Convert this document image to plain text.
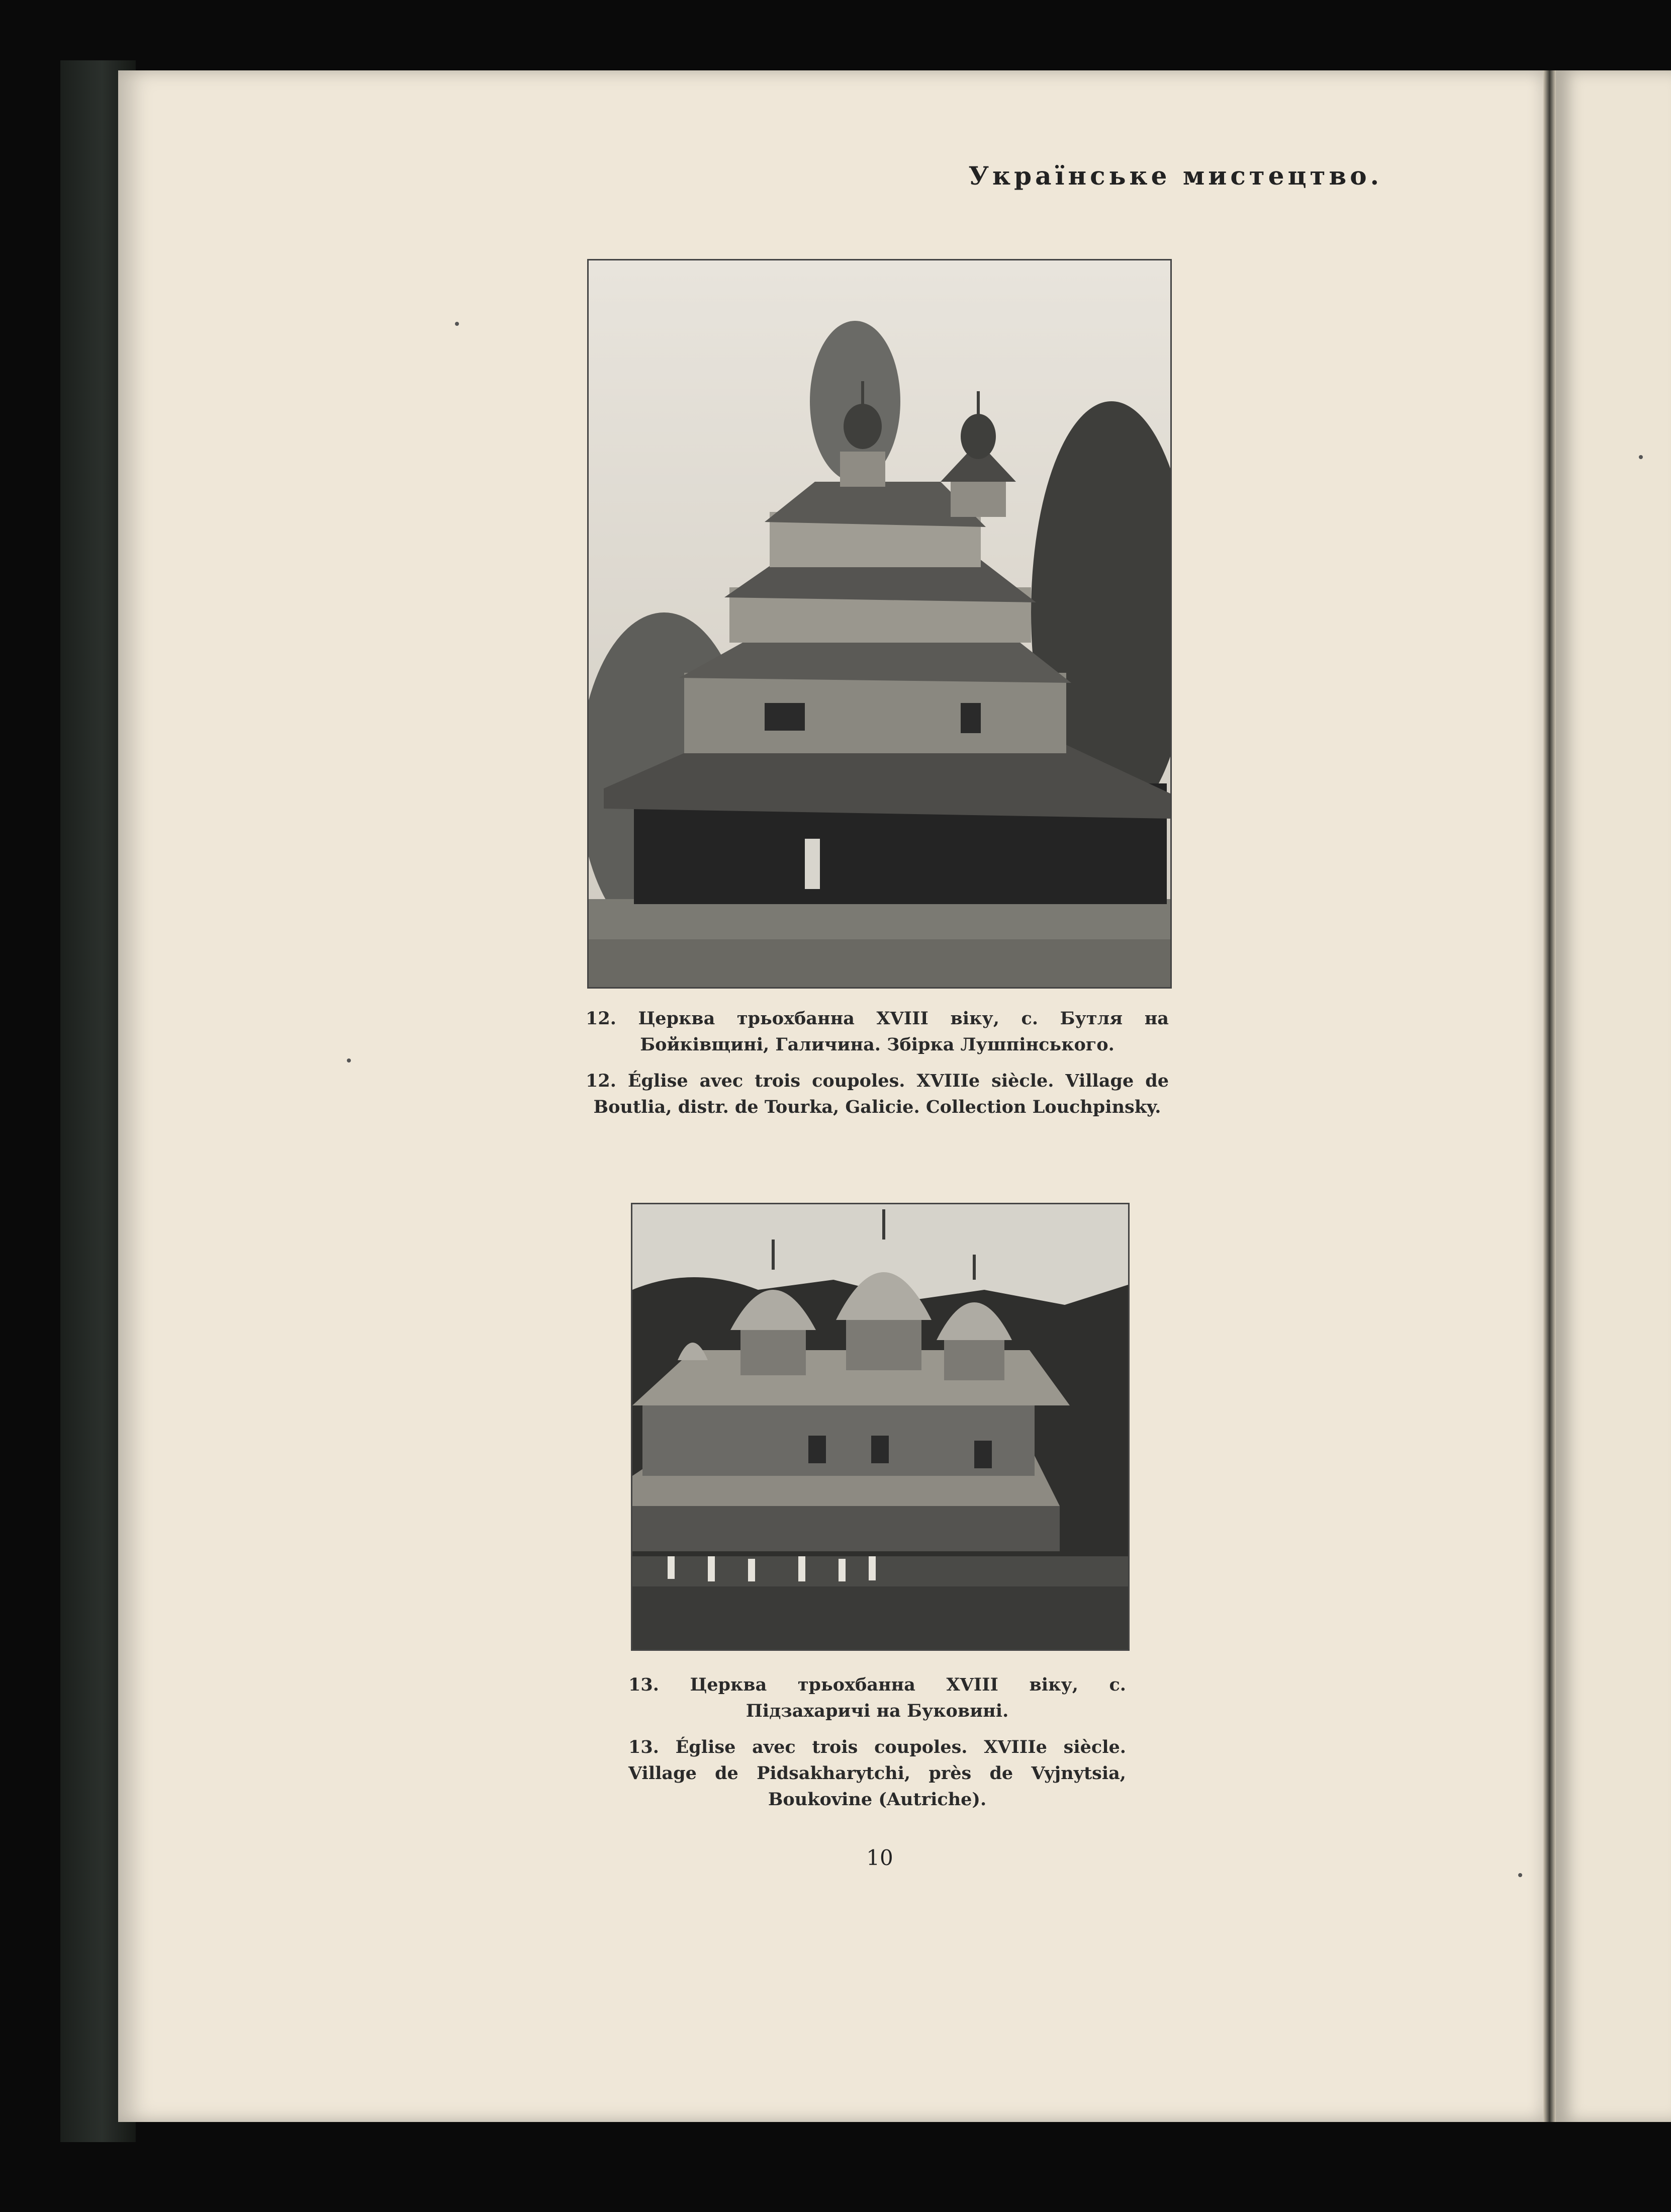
Українське мистецтво.

12. Церква трьохбанна XVIII віку, с. Бутля на Бойківщині, Галичина. Збірка Лушпінського.

12. Église avec trois coupoles. XVIIIe siècle. Village de Boutlia, distr. de Tourka, Galicie. Collection Louchpinsky.

13. Церква трьохбанна XVIII віку, с. Підзахаричі на Буковині.

13. Église avec trois coupoles. XVIIIe siècle. Village de Pidsakharytchi, près de Vyjnytsia, Boukovine (Autriche).

10
